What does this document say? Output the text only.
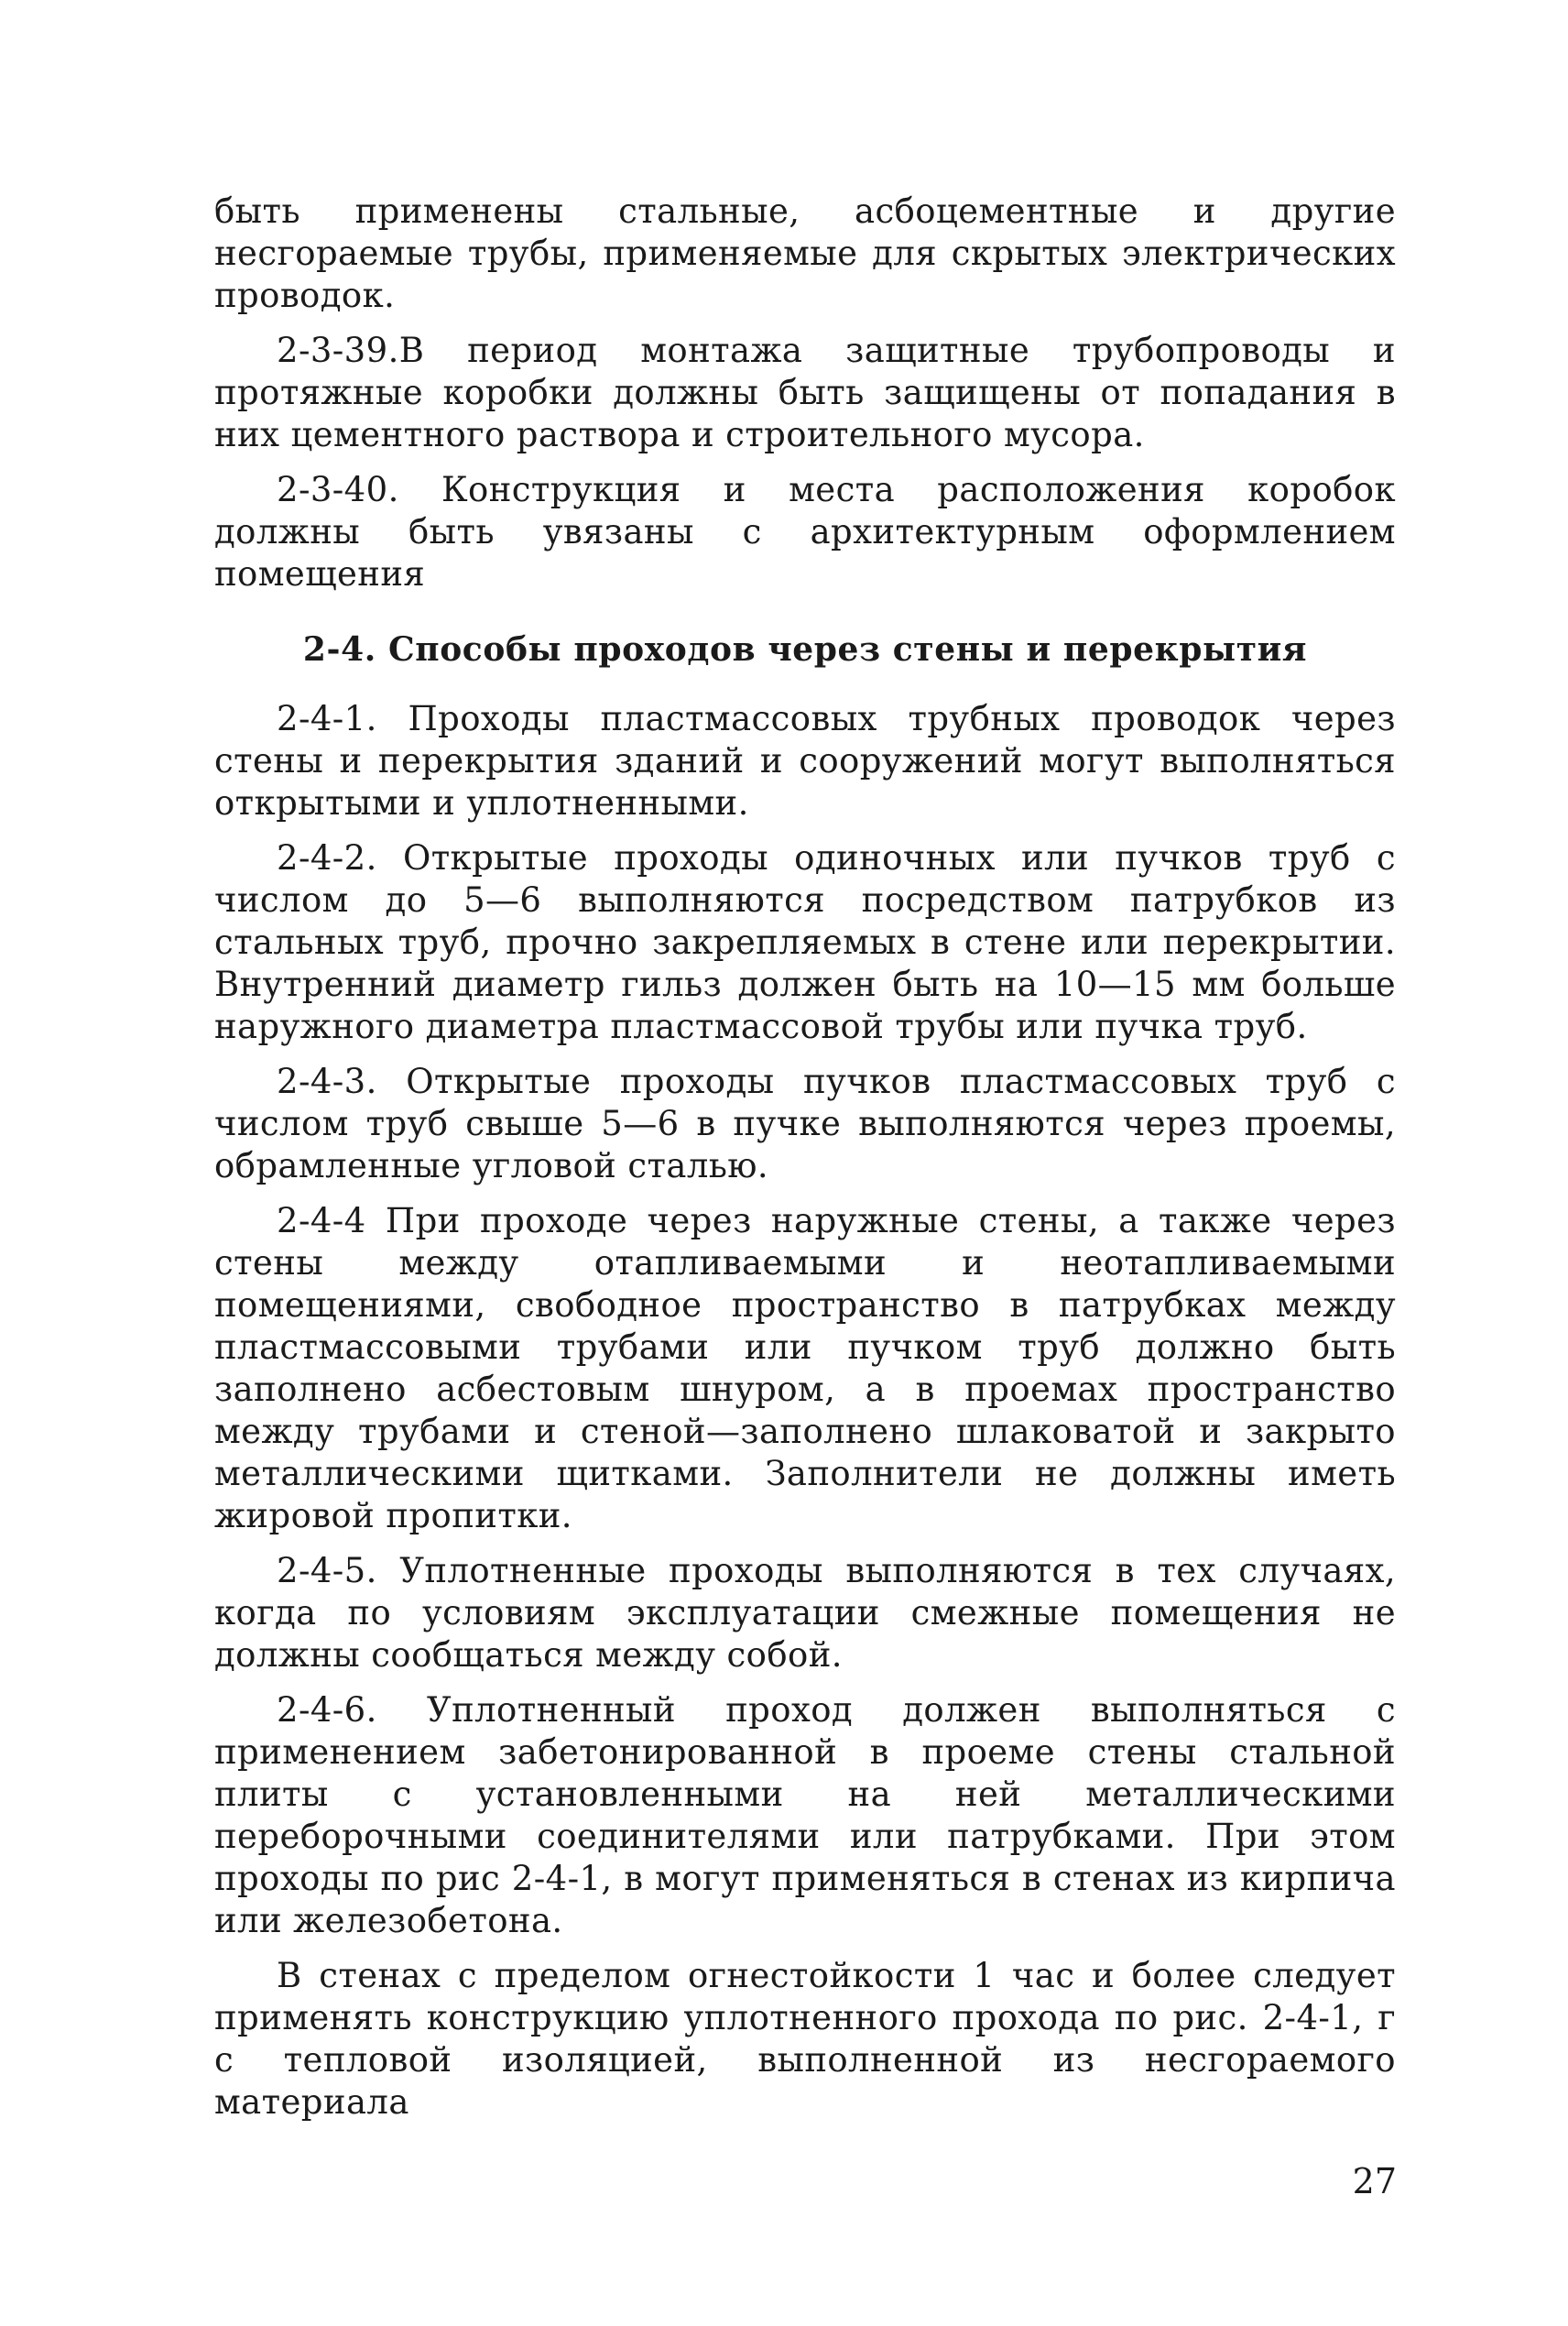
быть применены стальные, асбоцементные и другие несгораемые трубы, применяемые для скрытых электрических проводок.

2-3-39.В период монтажа защитные трубопроводы и протяжные коробки должны быть защищены от попадания в них цементного раствора и строительного мусора.

2-3-40. Конструкция и места расположения коробок должны быть увязаны с архитектурным оформлением помещения

2-4. Способы проходов через стены и перекрытия

2-4-1. Проходы пластмассовых трубных проводок через стены и перекрытия зданий и сооружений могут выполняться открытыми и уплотненными.

2-4-2. Открытые проходы одиночных или пучков труб с числом до 5—6 выполняются посредством патрубков из стальных труб, прочно закрепляемых в стене или перекрытии. Внутренний диаметр гильз должен быть на 10—15 мм больше наружного диаметра пластмассовой трубы или пучка труб.

2-4-3. Открытые проходы пучков пластмассовых труб с числом труб свыше 5—6 в пучке выполняются через проемы, обрамленные угловой сталью.

2-4-4 При проходе через наружные стены, а также через стены между отапливаемыми и неотапливаемыми помещениями, свободное пространство в патрубках между пластмассовыми трубами или пучком труб должно быть заполнено асбестовым шнуром, а в проемах пространство между трубами и стеной—заполнено шлаковатой и закрыто металлическими щитками. Заполнители не должны иметь жировой пропитки.

2-4-5. Уплотненные проходы выполняются в тех случаях, когда по условиям эксплуатации смежные помещения не должны сообщаться между собой.

2-4-6. Уплотненный проход должен выполняться с применением забетонированной в проеме стены стальной плиты с установленными на ней металлическими переборочными соединителями или патрубками. При этом проходы по рис 2-4-1, в могут применяться в стенах из кирпича или железобетона.

В стенах с пределом огнестойкости 1 час и более следует применять конструкцию уплотненного прохода по рис. 2-4-1, г с тепловой изоляцией, выполненной из несгораемого материала

27
